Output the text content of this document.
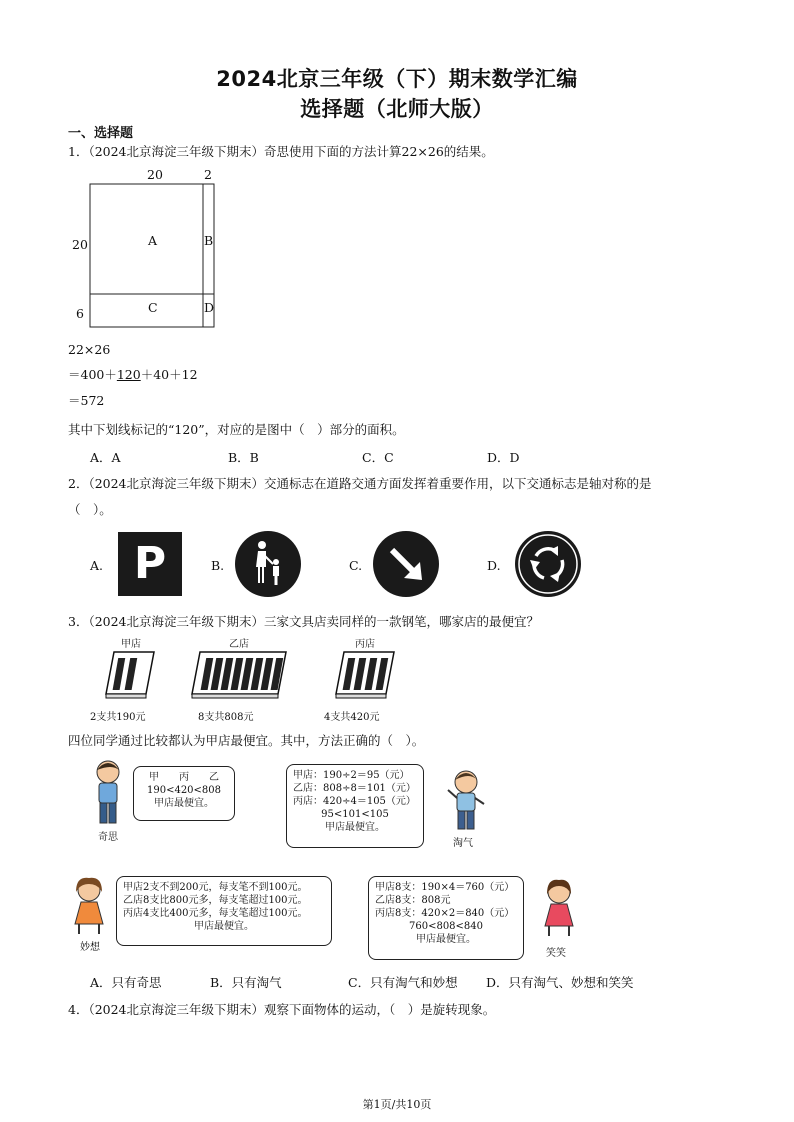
2024北京三年级（下）期末数学汇编
选择题（北师大版）
一、选择题
1．（2024北京海淀三年级下期末）奇思使用下面的方法计算22×26的结果。
20	2
20
6
A	B
C	D
22×26
＝400＋120＋40＋12
＝572
其中下划线标记的“120”，对应的是图中（　）部分的面积。
A．A	B．B	C．C	D．D
2．（2024北京海淀三年级下期末）交通标志在道路交通方面发挥着重要作用，以下交通标志是轴对称的是
（　）。
A. P	B.	C.	D.
3．（2024北京海淀三年级下期末）三家文具店卖同样的一款钢笔，哪家店的最便宜？
甲店
2支共190元
乙店
8支共808元
丙店
4支共420元
四位同学通过比较都认为甲店最便宜。其中，方法正确的（　）。
奇思
甲　　丙　　乙
190<420<808
甲店最便宜。
甲店：190÷2＝95（元）
乙店：808÷8＝101（元）
丙店：420÷4＝105（元）
95<101<105
甲店最便宜。
淘气
妙想
甲店2支不到200元，每支笔不到100元。
乙店8支比800元多，每支笔超过100元。
丙店4支比400元多，每支笔超过100元。
甲店最便宜。
甲店8支：190×4＝760（元）
乙店8支：808元
丙店8支：420×2＝840（元）
760<808<840
甲店最便宜。
笑笑
A．只有奇思	B．只有淘气	C．只有淘气和妙想 D．只有淘气、妙想和笑笑
4．（2024北京海淀三年级下期末）观察下面物体的运动，（　）是旋转现象。
第1页/共10页
